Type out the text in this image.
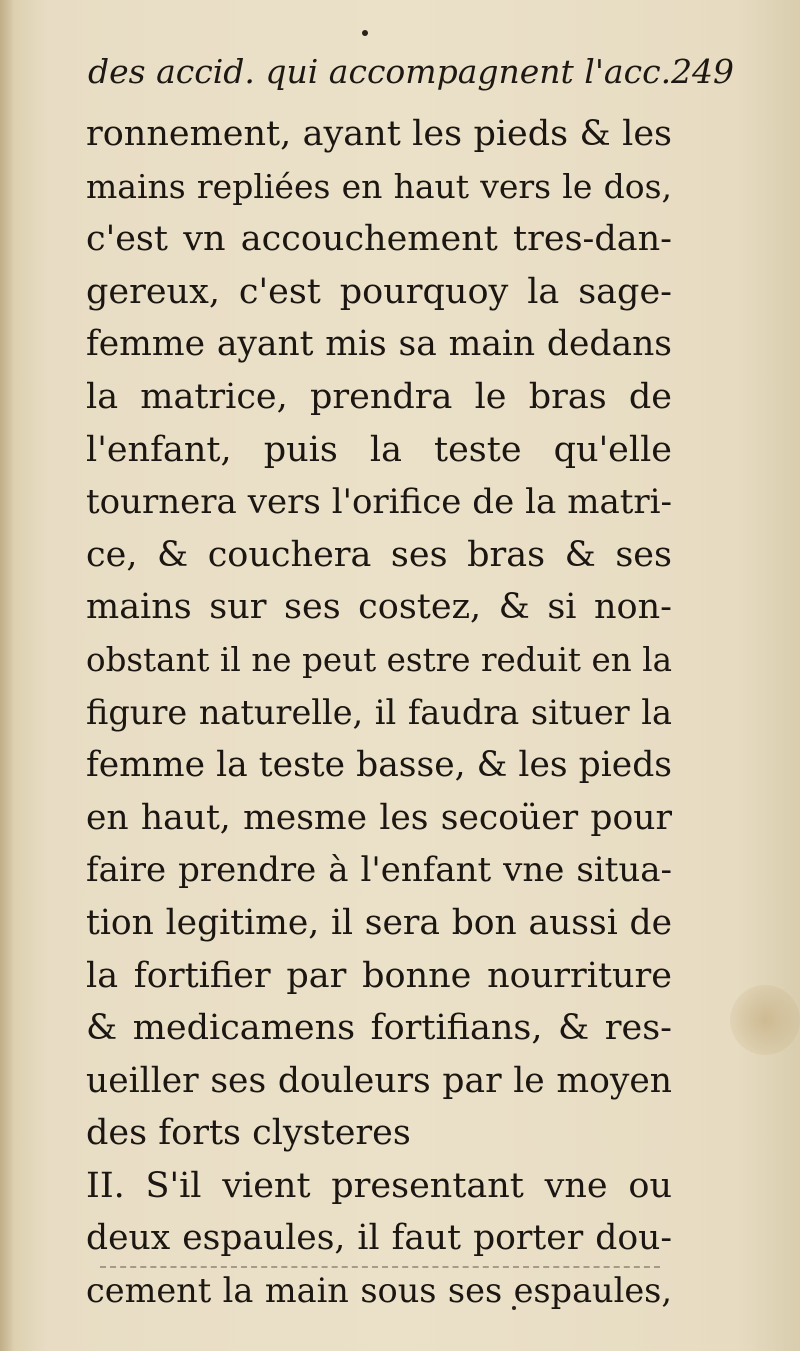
des accid. qui accompagnent l'acc. 249
ronnement, ayant les pieds & les
mains repliées en haut vers le dos,
c'est vn accouchement tres-dan-
gereux, c'est pourquoy la sage-
femme ayant mis sa main dedans
la matrice, prendra le bras de
l'enfant, puis la teste qu'elle
tournera vers l'orifice de la matri-
ce, & couchera ses bras & ses
mains sur ses costez, & si non-
obstant il ne peut estre reduit en la
figure naturelle, il faudra situer la
femme la teste basse, & les pieds
en haut, mesme les secoüer pour
faire prendre à l'enfant vne situa-
tion legitime, il sera bon aussi de
la fortifier par bonne nourriture
& medicamens fortifians, & res-
ueiller ses douleurs par le moyen
des forts clysteres
II. S'il vient presentant vne ou
deux espaules, il faut porter dou-
cement la main sous ses espaules,
